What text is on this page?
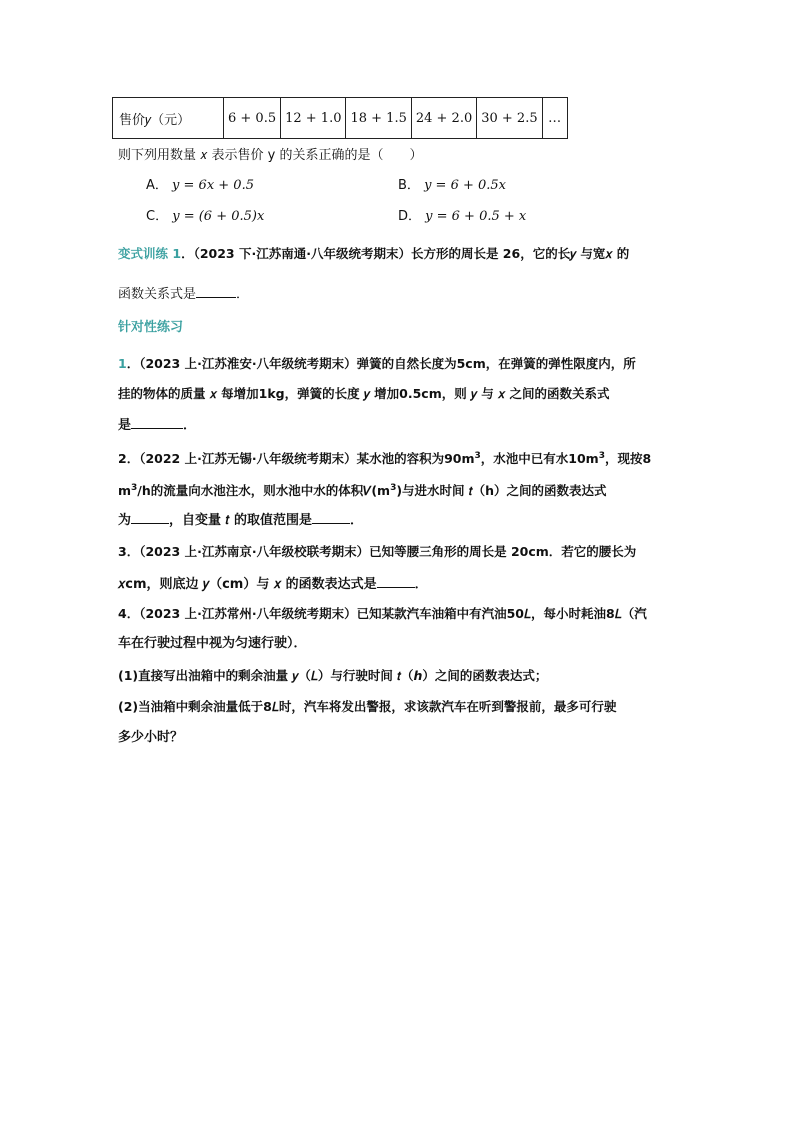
售价𝑦（元）	6 + 0.5	12 + 1.0	18 + 1.5	24 + 2.0	30 + 2.5	…
则下列用数量 𝑥 表示售价 y 的关系正确的是（　　）
A． 𝑦 = 6𝑥 + 0.5	B． 𝑦 = 6 + 0.5𝑥
C． 𝑦 = (6 + 0.5)𝑥	D． 𝑦 = 6 + 0.5 + 𝑥
变式训练 1．（2023 下·江苏南通·八年级统考期末）长方形的周长是 26，它的长𝑦 与宽𝑥 的
函数关系式是	．
针对性练习
1．（2023 上·江苏淮安·八年级统考期末）弹簧的自然长度为5cm，在弹簧的弹性限度内，所
挂的物体的质量 𝑥 每增加1kg，弹簧的长度 𝑦 增加0.5cm，则 𝑦 与 𝑥 之间的函数关系式
是	．
2．（2022 上·江苏无锡·八年级统考期末）某水池的容积为$90m^3$，水池中已有水$10m^3$，现按8
$m^3/h$的流量向水池注水，则水池中水的体积$𝑉(m^3)$与进水时间 𝑡（h）之间的函数表达式
为	，自变量 𝑡 的取值范围是	．
3．（2023 上·江苏南京·八年级校联考期末）已知等腰三角形的周长是 20cm．若它的腰长为
𝑥cm，则底边 𝑦（cm）与 𝑥 的函数表达式是	．
4．（2023 上·江苏常州·八年级统考期末）已知某款汽车油箱中有汽油50𝐿，每小时耗油8𝐿（汽
车在行驶过程中视为匀速行驶）．
(1)直接写出油箱中的剩余油量 𝑦（𝐿）与行驶时间 𝑡（ℎ）之间的函数表达式；
(2)当油箱中剩余油量低于8𝐿时，汽车将发出警报，求该款汽车在听到警报前，最多可行驶
多少小时？
